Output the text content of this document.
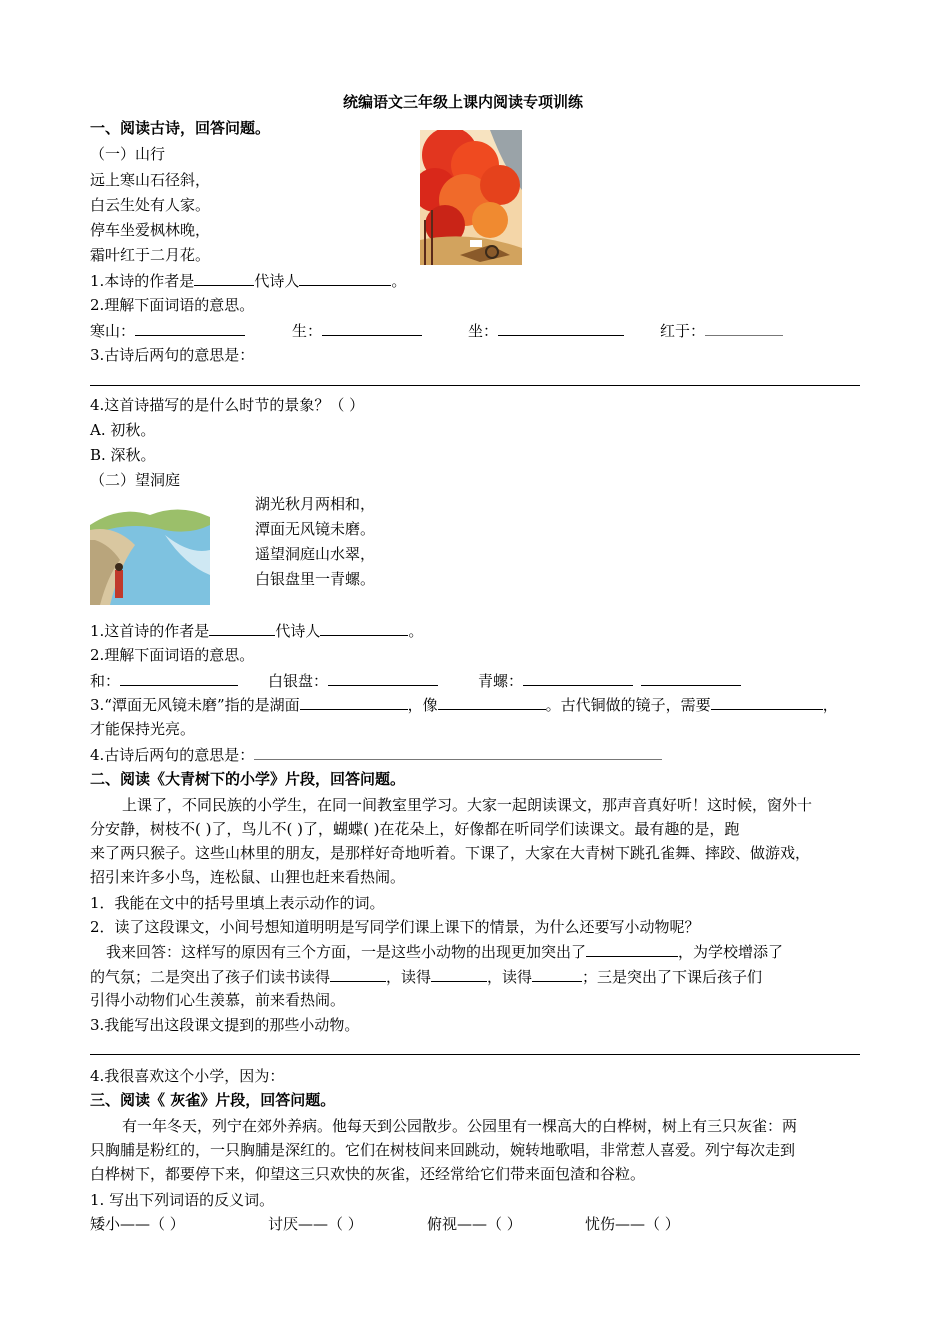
统编语文三年级上课内阅读专项训练
一、阅读古诗，回答问题。
（一）山行
远上寒山石径斜，
白云生处有人家。
停车坐爱枫林晚，
霜叶红于二月花。
1.本诗的作者是	代诗人	。
2.理解下面词语的意思。
寒山：	生：	坐：	红于：
3.古诗后两句的意思是：
4.这首诗描写的是什么时节的景象？（ ）
A. 初秋。
B. 深秋。
（二）望洞庭
湖光秋月两相和，
潭面无风镜未磨。
遥望洞庭山水翠，
白银盘里一青螺。
1.这首诗的作者是	代诗人	。
2.理解下面词语的意思。
和：	白银盘：	青螺：
3.“潭面无风镜未磨”指的是湖面	，像	。古代铜做的镜子，需要	，
才能保持光亮。
4.古诗后两句的意思是：
二、阅读《大青树下的小学》片段，回答问题。
上课了，不同民族的小学生，在同一间教室里学习。大家一起朗读课文，那声音真好听！这时候，窗外十
分安静，树枝不( )了，鸟儿不( )了，蝴蝶( )在花朵上，好像都在听同学们读课文。最有趣的是，跑
来了两只猴子。这些山林里的朋友，是那样好奇地听着。下课了，大家在大青树下跳孔雀舞、摔跤、做游戏，
招引来许多小鸟，连松鼠、山狸也赶来看热闹。
1．我能在文中的括号里填上表示动作的词。
2．读了这段课文，小间号想知道明明是写同学们课上课下的情景，为什么还要写小动物呢？
我来回答：这样写的原因有三个方面，一是这些小动物的出现更加突出了	，为学校增添了
的气氛；二是突出了孩子们读书读得	，读得	，读得	；三是突出了下课后孩子们
引得小动物们心生羡慕，前来看热闹。
3.我能写出这段课文提到的那些小动物。
4.我很喜欢这个小学，因为：
三、阅读《 灰雀》片段，回答问题。
有一年冬天，列宁在郊外养病。他每天到公园散步。公园里有一棵高大的白桦树，树上有三只灰雀：两
只胸脯是粉红的，一只胸脯是深红的。它们在树枝间来回跳动，婉转地歌唱，非常惹人喜爱。列宁每次走到
白桦树下，都要停下来，仰望这三只欢快的灰雀，还经常给它们带来面包渣和谷粒。
1. 写出下列词语的反义词。
矮小——（ ）	讨厌——（ ）	俯视——（ ）	忧伤——（ ）
